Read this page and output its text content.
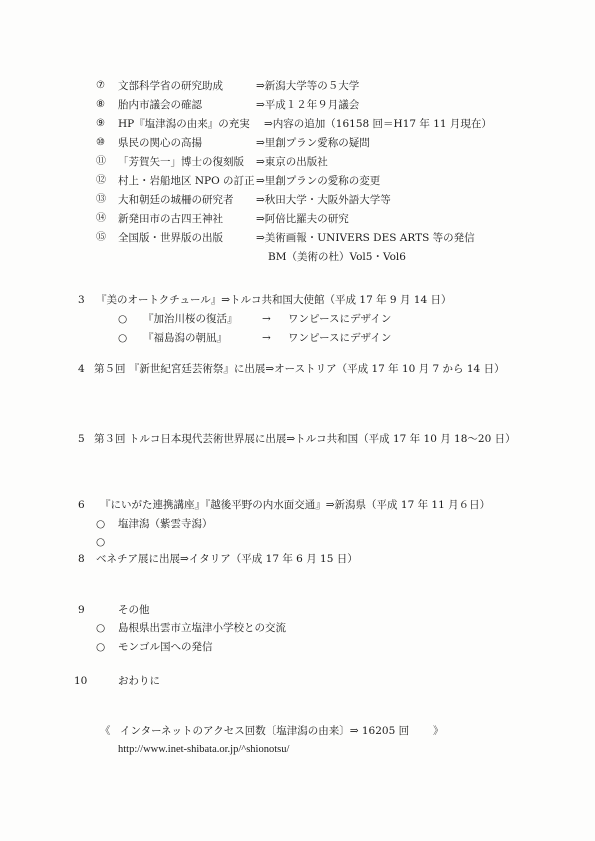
⑦ 文部科学省の研究助成	⇒新潟大学等の５大学
⑧ 胎内市議会の確認	⇒平成１２年９月議会
⑨ HP『塩津潟の由来』の充実 ⇒内容の追加（16158 回＝H17 年 11 月現在）
⑩ 県民の関心の高揚	⇒里創プラン愛称の疑問
⑪ 「芳賀矢一」博士の復刻版 ⇒東京の出版社
⑫ 村上・岩船地区 NPO の訂正 ⇒里創プランの愛称の変更
⑬ 大和朝廷の城柵の研究者 ⇒秋田大学・大阪外語大学等
⑭ 新発田市の古四王神社	⇒阿倍比羅夫の研究
⑮ 全国版・世界版の出版	⇒美術画報・UNIVERS DES ARTS 等の発信
BM（美術の杜）Vol5・Vol6
3 『美のオートクチュール』⇒トルコ共和国大使館（平成 17 年 9 月 14 日）
○ 『加治川桜の復活』 → ワンピースにデザイン
○ 『福島潟の朝凪』	→ ワンピースにデザイン
4 第５回 『新世紀宮廷芸術祭』に出展⇒オーストリア（平成 17 年 10 月 7 から 14 日）
5 第３回 トルコ日本現代芸術世界展に出展⇒トルコ共和国（平成 17 年 10 月 18〜20 日）
6 『にいがた連携講座』『越後平野の内水面交通』⇒新潟県（平成 17 年 11 月６日）
○ 塩津潟（紫雲寺潟）
○
8 ベネチア展に出展⇒イタリア（平成 17 年 6 月 15 日）
9	その他
○ 島根県出雲市立塩津小学校との交流
○ モンゴル国への発信
10	おわりに
《 インターネットのアクセス回数〔塩津潟の由来〕⇒ 16205 回 》
http://www.inet-shibata.or.jp/^shionotsu/
